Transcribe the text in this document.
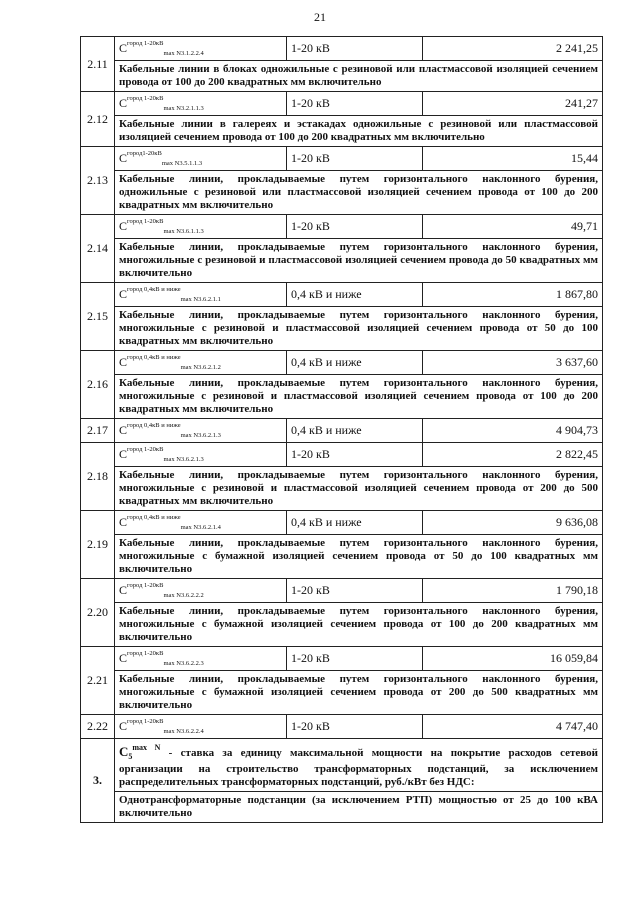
21
2.11	$C^{город 1-20кВ}_{max N3.1.2.2.4}$	1-20 кВ	2 241,25
	Кабельные линии в блоках одножильные с резиновой или пластмассовой изоляцией сечением провода от 100 до 200 квадратных мм включительно		
2.12	$C^{город 1-20кВ}_{max N3.2.1.1.3}$	1-20 кВ	241,27
	Кабельные линии в галереях и эстакадах одножильные с резиновой или пластмассовой изоляцией сечением провода от 100 до 200 квадратных мм включительно		
2.13	$C^{город1-20кВ}_{max N3.5.1.1.3}$	1-20 кВ	15,44
	Кабельные линии, прокладываемые путем горизонтального наклонного бурения, одножильные с резиновой или пластмассовой изоляцией сечением провода от 100 до 200 квадратных мм включительно		
2.14	$C^{город 1-20кВ}_{max N3.6.1.1.3}$	1-20 кВ	49,71
	Кабельные линии, прокладываемые путем горизонтального наклонного бурения, многожильные с резиновой и пластмассовой изоляцией сечением провода до 50 квадратных мм включительно		
2.15	$C^{город 0,4кВ и ниже}_{max N3.6.2.1.1}$	0,4 кВ и ниже	1 867,80
	Кабельные линии, прокладываемые путем горизонтального наклонного бурения, многожильные с резиновой и пластмассовой изоляцией сечением провода от 50 до 100 квадратных мм включительно		
2.16	$C^{город 0,4кВ и ниже}_{max N3.6.2.1.2}$	0,4 кВ и ниже	3 637,60
	Кабельные линии, прокладываемые путем горизонтального наклонного бурения, многожильные с резиновой и пластмассовой изоляцией сечением провода от 100 до 200 квадратных мм включительно		
2.17	$C^{город 0,4кВ и ниже}_{max N3.6.2.1.3}$	0,4 кВ и ниже	4 904,73
2.18	$C^{город 1-20кВ}_{max N3.6.2.1.3}$	1-20 кВ	2 822,45
	Кабельные линии, прокладываемые путем горизонтального наклонного бурения, многожильные с резиновой и пластмассовой изоляцией сечением провода от 200 до 500 квадратных мм включительно		
2.19	$C^{город 0,4кВ и ниже}_{max N3.6.2.1.4}$	0,4 кВ и ниже	9 636,08
	Кабельные линии, прокладываемые путем горизонтального наклонного бурения, многожильные с бумажной изоляцией сечением провода от 50 до 100 квадратных мм включительно		
2.20	$C^{город 1-20кВ}_{max N3.6.2.2.2}$	1-20 кВ	1 790,18
	Кабельные линии, прокладываемые путем горизонтального наклонного бурения, многожильные с бумажной изоляцией сечением провода от 100 до 200 квадратных мм включительно		
2.21	$C^{город 1-20кВ}_{max N3.6.2.2.3}$	1-20 кВ	16 059,84
	Кабельные линии, прокладываемые путем горизонтального наклонного бурения, многожильные с бумажной изоляцией сечением провода от 200 до 500 квадратных мм включительно		
2.22	$C^{город 1-20кВ}_{max N3.6.2.2.4}$	1-20 кВ	4 747,40
3.	$C_5^{max N}$ - ставка за единицу максимальной мощности на покрытие расходов сетевой организации на строительство трансформаторных подстанций, за исключением распределительных трансформаторных подстанций, руб./кВт без НДС:		
	Однотрансформаторные подстанции (за исключением РТП) мощностью от 25 до 100 кВА включительно		
